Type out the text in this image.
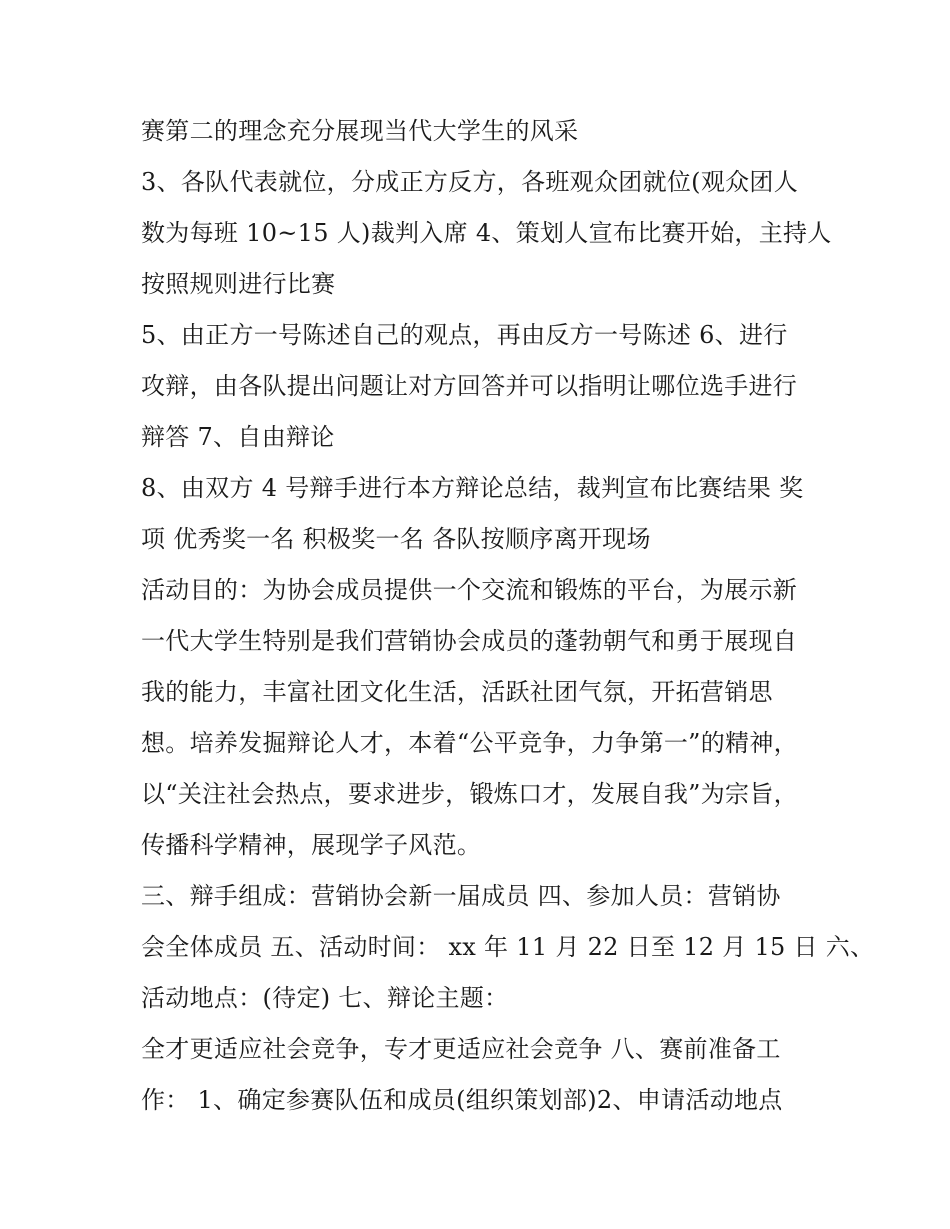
赛第二的理念充分展现当代大学生的风采
3、各队代表就位，分成正方反方，各班观众团就位(观众团人
数为每班 10~15 人)裁判入席 4、策划人宣布比赛开始，主持人
按照规则进行比赛
5、由正方一号陈述自己的观点，再由反方一号陈述 6、进行
攻辩，由各队提出问题让对方回答并可以指明让哪位选手进行
辩答 7、自由辩论
8、由双方 4 号辩手进行本方辩论总结，裁判宣布比赛结果 奖
项 优秀奖一名 积极奖一名 各队按顺序离开现场
活动目的：为协会成员提供一个交流和锻炼的平台，为展示新
一代大学生特别是我们营销协会成员的蓬勃朝气和勇于展现自
我的能力，丰富社团文化生活，活跃社团气氛，开拓营销思
想。培养发掘辩论人才，本着“公平竞争，力争第一”的精神，
以“关注社会热点，要求进步，锻炼口才，发展自我”为宗旨，
传播科学精神，展现学子风范。
三、辩手组成：营销协会新一届成员 四、参加人员：营销协
会全体成员 五、活动时间： xx 年 11 月 22 日至 12 月 15 日 六、
活动地点：(待定) 七、辩论主题：
全才更适应社会竞争，专才更适应社会竞争 八、赛前准备工
作： 1、确定参赛队伍和成员(组织策划部)2、申请活动地点
